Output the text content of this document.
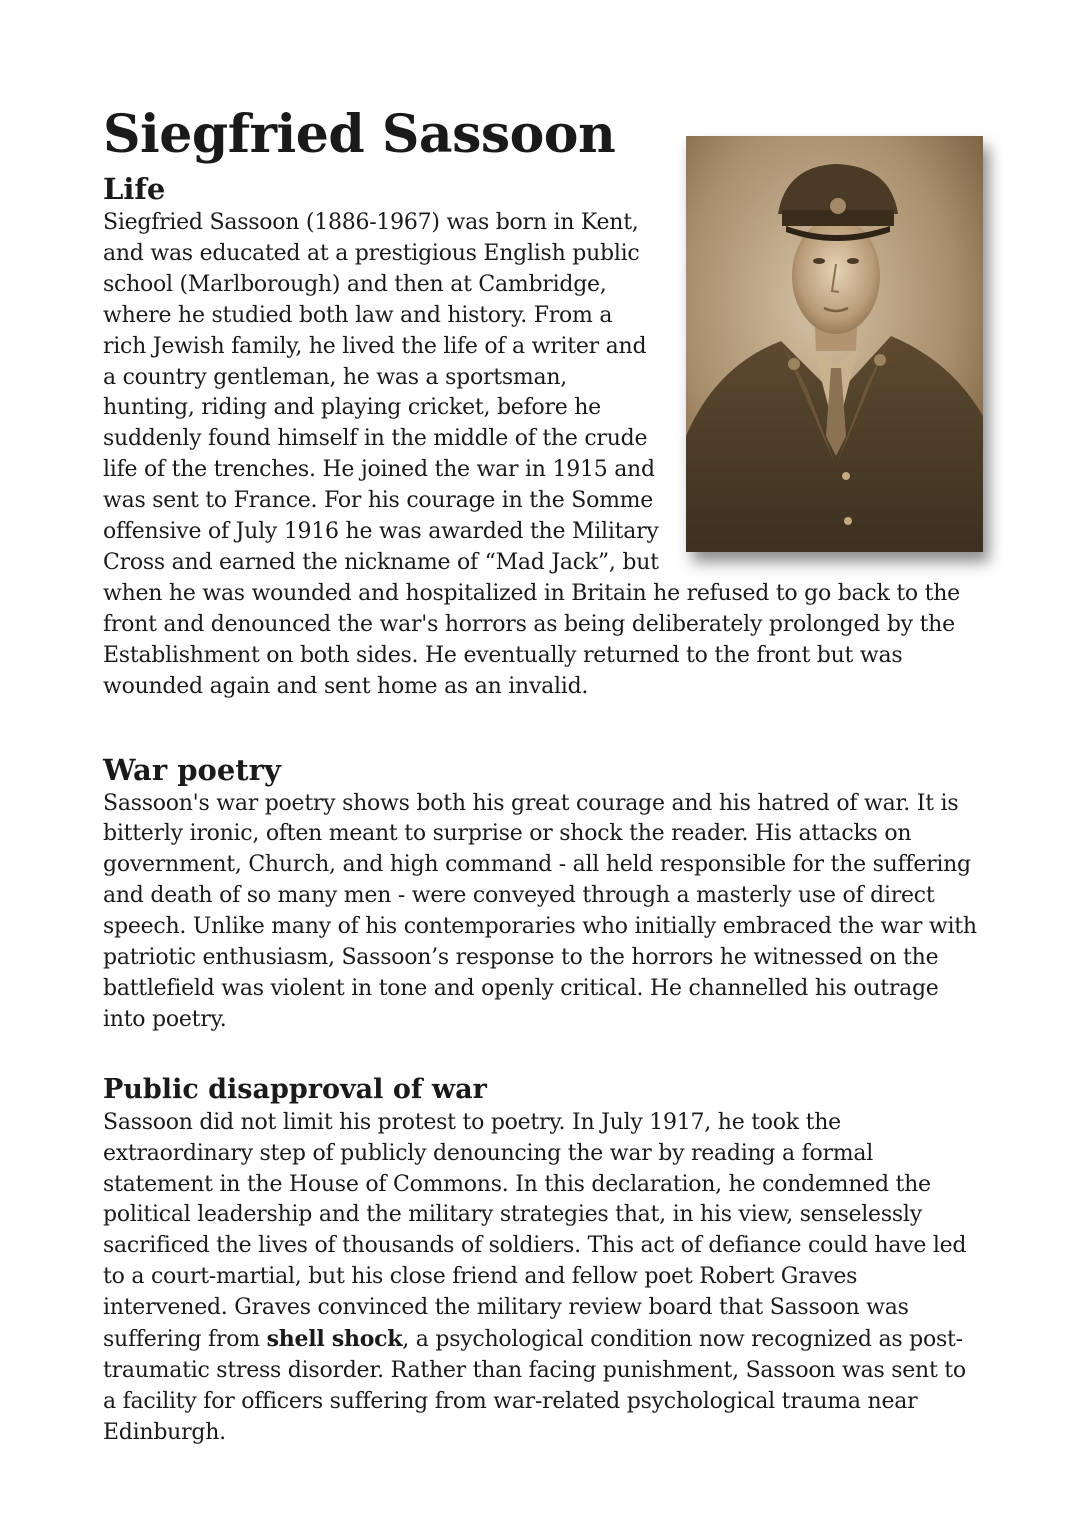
Siegfried Sassoon
Life

Siegfried Sassoon (1886-1967) was born in Kent, and was educated at a prestigious English public school (Marlborough) and then at Cambridge, where he studied both law and history. From a rich Jewish family, he lived the life of a writer and a country gentleman, he was a sportsman, hunting, riding and playing cricket, before he suddenly found himself in the middle of the crude life of the trenches. He joined the war in 1915 and was sent to France. For his courage in the Somme offensive of July 1916 he was awarded the Military Cross and earned the nickname of “Mad Jack”, but when he was wounded and hospitalized in Britain he refused to go back to the front and denounced the war's horrors as being deliberately prolonged by the Establishment on both sides. He eventually returned to the front but was wounded again and sent home as an invalid.

War poetry

Sassoon's war poetry shows both his great courage and his hatred of war. It is bitterly ironic, often meant to surprise or shock the reader. His attacks on government, Church, and high command - all held responsible for the suffering and death of so many men - were conveyed through a masterly use of direct speech. Unlike many of his contemporaries who initially embraced the war with patriotic enthusiasm, Sassoon’s response to the horrors he witnessed on the battlefield was violent in tone and openly critical. He channelled his outrage into poetry.

Public disapproval of war

Sassoon did not limit his protest to poetry. In July 1917, he took the extraordinary step of publicly denouncing the war by reading a formal statement in the House of Commons. In this declaration, he condemned the political leadership and the military strategies that, in his view, senselessly sacrificed the lives of thousands of soldiers. This act of defiance could have led to a court-martial, but his close friend and fellow poet Robert Graves intervened. Graves convinced the military review board that Sassoon was suffering from shell shock, a psychological condition now recognized as post-traumatic stress disorder. Rather than facing punishment, Sassoon was sent to a facility for officers suffering from war-related psychological trauma near Edinburgh.
